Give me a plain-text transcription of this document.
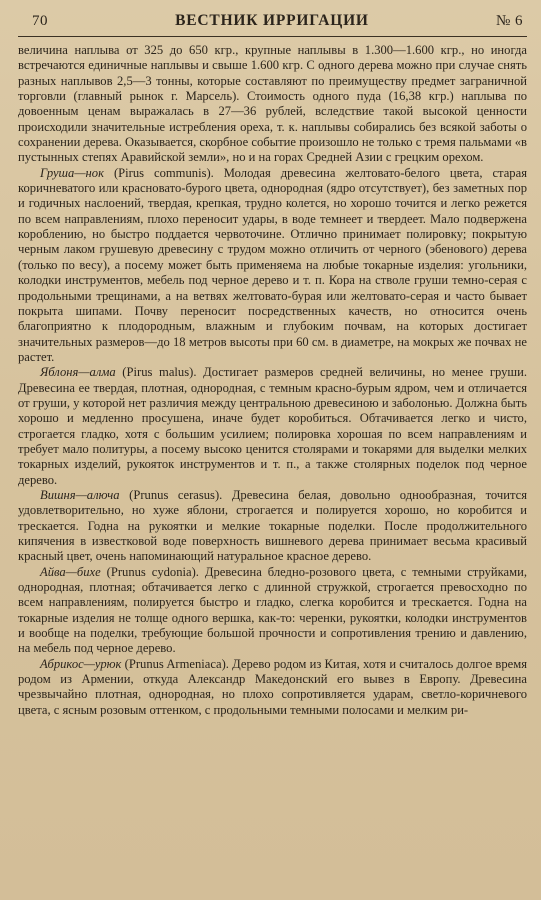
70	ВЕСТНИК ИРРИГАЦИИ	№ 6

величина наплыва от 325 до 650 кгр., крупные наплывы в 1.300—1.600 кгр., но иногда встречаются единичные наплывы и свыше 1.600 кгр. С одного дерева можно при случае снять разных наплывов 2,5—3 тонны, которые составляют по преимуществу предмет заграничной торговли (главный рынок г. Марсель). Стоимость одного пуда (16,38 кгр.) наплыва по довоенным ценам выражалась в 27—36 рублей, вследствие такой высокой ценности происходили значительные истребления ореха, т. к. наплывы собирались без всякой заботы о сохранении дерева. Оказывается, скорбное событие произошло не только с тремя пальмами «в пустынных степях Аравийской земли», но и на горах Средней Азии с грецким орехом.

Груша—нок (Pirus communis). Молодая древесина желтовато-белого цвета, старая коричневатого или красновато-бурого цвета, однородная (ядро отсутствует), без заметных пор и годичных наслоений, твердая, крепкая, трудно колется, но хорошо точится и легко режется по всем направлениям, плохо переносит удары, в воде темнеет и твердеет. Мало подвержена короблению, но быстро поддается червоточине. Отлично принимает полировку; покрытую черным лаком грушевую древесину с трудом можно отличить от черного (эбенового) дерева (только по весу), а посему может быть применяема на любые токарные изделия: угольники, колодки инструментов, мебель под черное дерево и т. п. Кора на стволе груши темно-серая с продольными трещинами, а на ветвях желтовато-бурая или желтовато-серая и часто бывает покрыта шипами. Почву переносит посредственных качеств, но относится очень благоприятно к плодородным, влажным и глубоким почвам, на которых достигает значительных размеров—до 18 метров высоты при 60 см. в диаметре, на мокрых же почвах не растет.

Яблоня—алма (Pirus malus). Достигает размеров средней величины, но менее груши. Древесина ее твердая, плотная, однородная, с темным красно-бурым ядром, чем и отличается от груши, у которой нет различия между центральною древесиною и заболонью. Должна быть хорошо и медленно просушена, иначе будет коробиться. Обтачивается легко и чисто, строгается гладко, хотя с большим усилием; полировка хорошая по всем направлениям и требует мало политуры, а посему высоко ценится столярами и токарями для выделки мелких токарных изделий, рукояток инструментов и т. п., а также столярных поделок под черное дерево.

Вишня—алюча (Prunus cerasus). Древесина белая, довольно однообразная, точится удовлетворительно, но хуже яблони, строгается и полируется хорошо, но коробится и трескается. Годна на рукоятки и мелкие токарные поделки. После продолжительного кипячения в известковой воде поверхность вишневого дерева принимает весьма красивый красный цвет, очень напоминающий натуральное красное дерево.

Айва—бихе (Prunus cydonia). Древесина бледно-розового цвета, с темными струйками, однородная, плотная; обтачивается легко с длинной стружкой, строгается превосходно по всем направлениям, полируется быстро и гладко, слегка коробится и трескается. Годна на токарные изделия не толще одного вершка, как-то: черенки, рукоятки, колодки инструментов и вообще на поделки, требующие большой прочности и сопротивления трению и давлению, на мебель под черное дерево.

Абрикос—урюк (Prunus Armeniaca). Дерево родом из Китая, хотя и считалось долгое время родом из Армении, откуда Александр Македонский его вывез в Европу. Древесина чрезвычайно плотная, однородная, но плохо сопротивляется ударам, светло-коричневого цвета, с ясным розовым оттенком, с продольными темными полосами и мелким ри-
